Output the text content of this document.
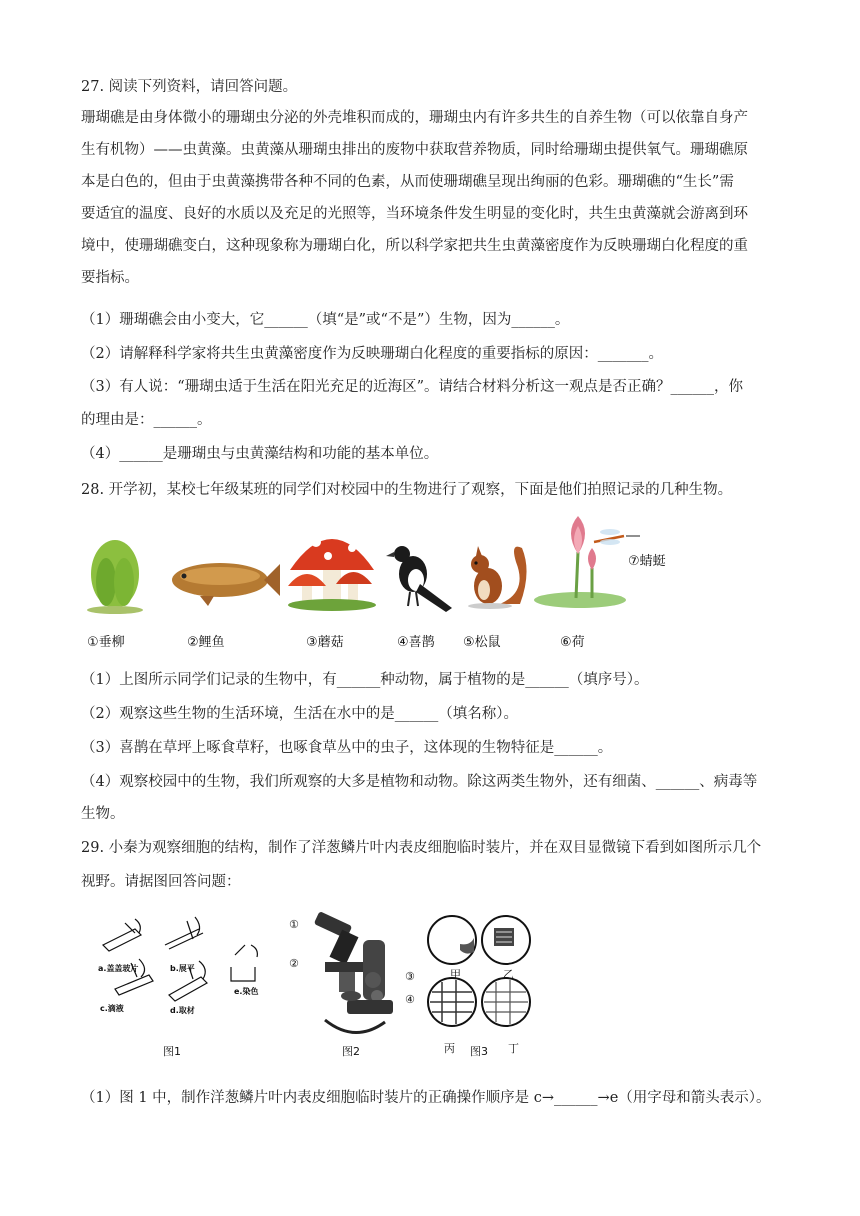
27. 阅读下列资料，请回答问题。
珊瑚礁是由身体微小的珊瑚虫分泌的外壳堆积而成的，珊瑚虫内有许多共生的自养生物（可以依靠自身产
生有机物）——虫黄藻。虫黄藻从珊瑚虫排出的废物中获取营养物质，同时给珊瑚虫提供氧气。珊瑚礁原
本是白色的，但由于虫黄藻携带各种不同的色素，从而使珊瑚礁呈现出绚丽的色彩。珊瑚礁的“生长”需
要适宜的温度、良好的水质以及充足的光照等，当环境条件发生明显的变化时，共生虫黄藻就会游离到环
境中，使珊瑚礁变白，这种现象称为珊瑚白化，所以科学家把共生虫黄藻密度作为反映珊瑚白化程度的重
要指标。
（1）珊瑚礁会由小变大，它______（填“是”或“不是”）生物，因为______。
（2）请解释科学家将共生虫黄藻密度作为反映珊瑚白化程度的重要指标的原因：_______。
（3）有人说：“珊瑚虫适于生活在阳光充足的近海区”。请结合材料分析这一观点是否正确？______，你
的理由是：______。
（4）______是珊瑚虫与虫黄藻结构和功能的基本单位。
28. 开学初，某校七年级某班的同学们对校园中的生物进行了观察，下面是他们拍照记录的几种生物。
⑦蜻蜓
①垂柳	②鲤鱼	③蘑菇	④喜鹊 ⑤松鼠	⑥荷
（1）上图所示同学们记录的生物中，有______种动物，属于植物的是______（填序号）。
（2）观察这些生物的生活环境，生活在水中的是______（填名称）。
（3）喜鹊在草坪上啄食草籽，也啄食草丛中的虫子，这体现的生物特征是______。
（4）观察校园中的生物，我们所观察的大多是植物和动物。除这两类生物外，还有细菌、______、病毒等
生物。
29. 小秦为观察细胞的结构，制作了洋葱鳞片叶内表皮细胞临时装片，并在双目显微镜下看到如图所示几个
视野。请据图回答问题：
a.盖盖玻片	b.展平
c.滴液	d.取材
e.染色
图1
①
②
③
④
图2
甲	乙
丙	丁
图3
（1）图 1 中，制作洋葱鳞片叶内表皮细胞临时装片的正确操作顺序是 c→______→e（用字母和箭头表示）。
